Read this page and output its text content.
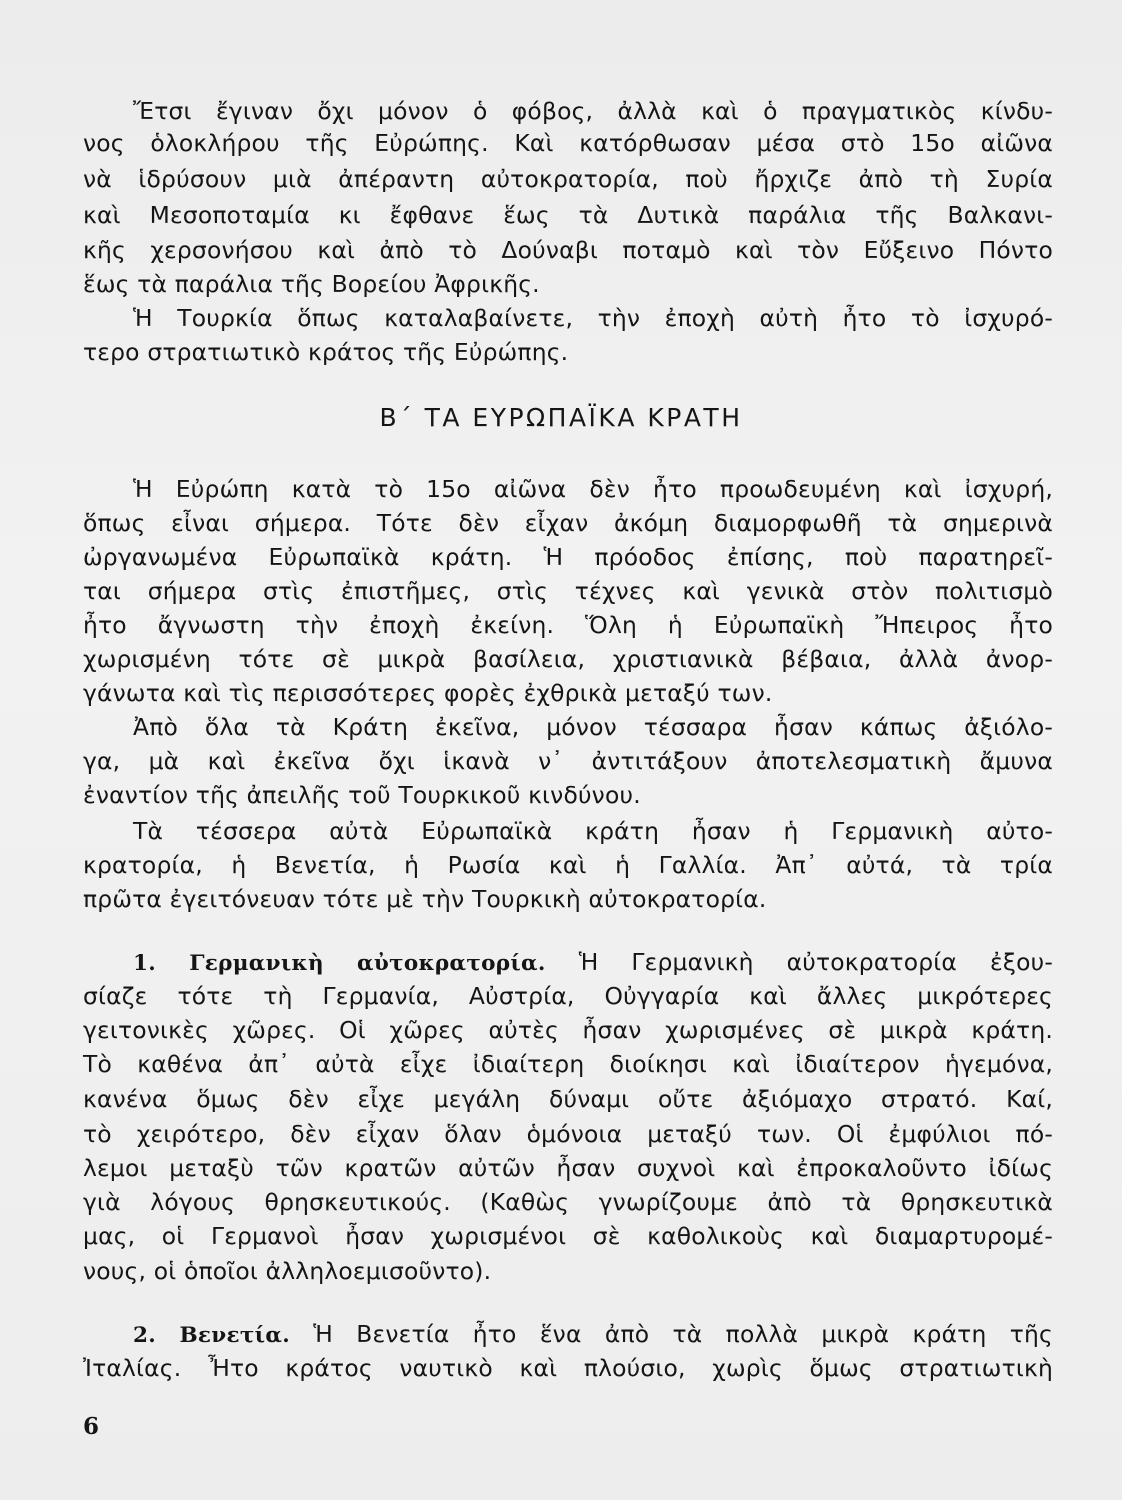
Ἔτσι ἔγιναν ὄχι μόνον ὁ φόβος, ἀλλὰ καὶ ὁ πραγματικὸς κίνδυ-
νος ὁλοκλήρου τῆς Εὐρώπης. Καὶ κατόρθωσαν μέσα στὸ 15ο αἰῶνα
νὰ ἱδρύσουν μιὰ ἀπέραντη αὐτοκρατορία, ποὺ ἤρχιζε ἀπὸ τὴ Συρία
καὶ Μεσοποταμία κι ἔφθανε ἕως τὰ Δυτικὰ παράλια τῆς Βαλκανι-
κῆς χερσονήσου καὶ ἀπὸ τὸ Δούναβι ποταμὸ καὶ τὸν Εὔξεινο Πόντο
ἕως τὰ παράλια τῆς Βορείου Ἀφρικῆς.
Ἡ Τουρκία ὅπως καταλαβαίνετε, τὴν ἐποχὴ αὐτὴ ἦτο τὸ ἰσχυρό-
τερο στρατιωτικὸ κράτος τῆς Εὐρώπης.
Β΄ ΤΑ ΕΥΡΩΠΑΪΚΑ ΚΡΑΤΗ
Ἡ Εὐρώπη κατὰ τὸ 15ο αἰῶνα δὲν ἦτο προωδευμένη καὶ ἰσχυρή,
ὅπως εἶναι σήμερα. Τότε δὲν εἶχαν ἀκόμη διαμορφωθῆ τὰ σημερινὰ
ὠργανωμένα Εὐρωπαϊκὰ κράτη. Ἡ πρόοδος ἐπίσης, ποὺ παρατηρεῖ-
ται σήμερα στὶς ἐπιστῆμες, στὶς τέχνες καὶ γενικὰ στὸν πολιτισμὸ
ἦτο ἄγνωστη τὴν ἐποχὴ ἐκείνη. Ὅλη ἡ Εὐρωπαϊκὴ Ἤπειρος ἦτο
χωρισμένη τότε σὲ μικρὰ βασίλεια, χριστιανικὰ βέβαια, ἀλλὰ ἀνορ-
γάνωτα καὶ τὶς περισσότερες φορὲς ἐχθρικὰ μεταξύ των.
Ἀπὸ ὅλα τὰ Κράτη ἐκεῖνα, μόνον τέσσαρα ἦσαν κάπως ἀξιόλο-
γα, μὰ καὶ ἐκεῖνα ὄχι ἱκανὰ ν᾽ ἀντιτάξουν ἀποτελεσματικὴ ἄμυνα
ἐναντίον τῆς ἀπειλῆς τοῦ Τουρκικοῦ κινδύνου.
Τὰ τέσσερα αὐτὰ Εὐρωπαϊκὰ κράτη ἦσαν ἡ Γερμανικὴ αὐτο-
κρατορία, ἡ Βενετία, ἡ Ρωσία καὶ ἡ Γαλλία. Ἀπ᾽ αὐτά, τὰ τρία
πρῶτα ἐγειτόνευαν τότε μὲ τὴν Τουρκικὴ αὐτοκρατορία.
1. Γερμανικὴ αὐτοκρατορία. Ἡ Γερμανικὴ αὐτοκρατορία ἐξου-
σίαζε τότε τὴ Γερμανία, Αὐστρία, Οὐγγαρία καὶ ἄλλες μικρότερες
γειτονικὲς χῶρες. Οἱ χῶρες αὐτὲς ἦσαν χωρισμένες σὲ μικρὰ κράτη.
Τὸ καθένα ἀπ᾽ αὐτὰ εἶχε ἰδιαίτερη διοίκησι καὶ ἰδιαίτερον ἡγεμόνα,
κανένα ὅμως δὲν εἶχε μεγάλη δύναμι οὔτε ἀξιόμαχο στρατό. Καί,
τὸ χειρότερο, δὲν εἶχαν ὅλαν ὁμόνοια μεταξύ των. Οἱ ἐμφύλιοι πό-
λεμοι μεταξὺ τῶν κρατῶν αὐτῶν ἦσαν συχνοὶ καὶ ἐπροκαλοῦντο ἰδίως
γιὰ λόγους θρησκευτικούς. (Καθὼς γνωρίζουμε ἀπὸ τὰ θρησκευτικὰ
μας, οἱ Γερμανοὶ ἦσαν χωρισμένοι σὲ καθολικοὺς καὶ διαμαρτυρομέ-
νους, οἱ ὁποῖοι ἀλληλοεμισοῦντο).
2. Βενετία. Ἡ Βενετία ἦτο ἕνα ἀπὸ τὰ πολλὰ μικρὰ κράτη τῆς
Ἰταλίας. Ἦτο κράτος ναυτικὸ καὶ πλούσιο, χωρὶς ὅμως στρατιωτικὴ
6
